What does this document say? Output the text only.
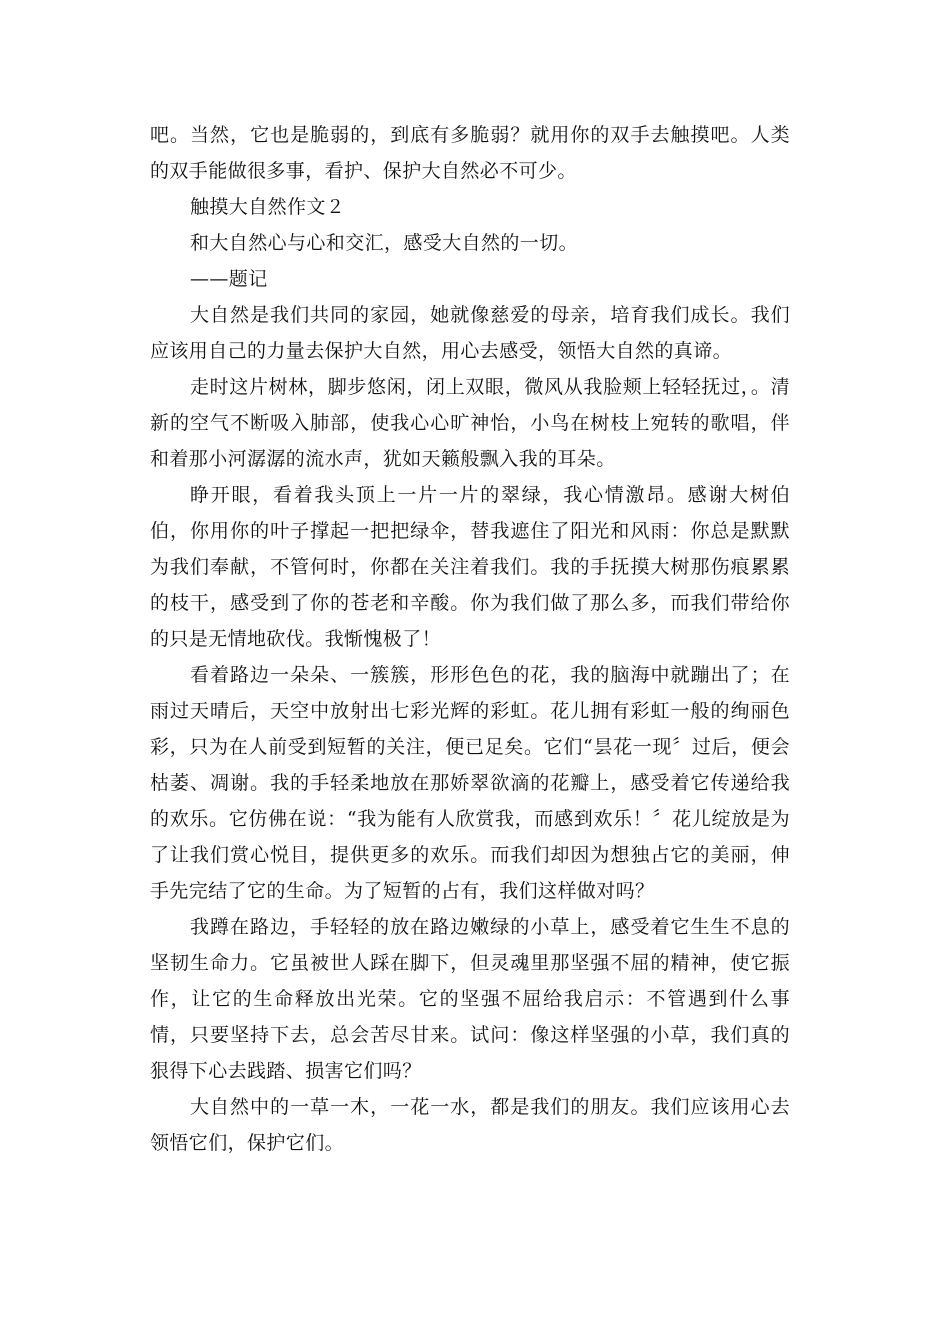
吧。当然，它也是脆弱的，到底有多脆弱？就用你的双手去触摸吧。人类的双手能做很多事，看护、保护大自然必不可少。

触摸大自然作文２

和大自然心与心和交汇，感受大自然的一切。

——题记

大自然是我们共同的家园，她就像慈爱的母亲，培育我们成长。我们应该用自己的力量去保护大自然，用心去感受，领悟大自然的真谛。

走时这片树林，脚步悠闲，闭上双眼，微风从我脸颊上轻轻抚过，。清新的空气不断吸入肺部，使我心心旷神怡，小鸟在树枝上宛转的歌唱，伴和着那小河潺潺的流水声，犹如天籁般飘入我的耳朵。

睁开眼，看着我头顶上一片一片的翠绿，我心情激昂。感谢大树伯伯，你用你的叶子撑起一把把绿伞，替我遮住了阳光和风雨：你总是默默为我们奉献，不管何时，你都在关注着我们。我的手抚摸大树那伤痕累累的枝干，感受到了你的苍老和辛酸。你为我们做了那么多，而我们带给你的只是无情地砍伐。我惭愧极了！

看着路边一朵朵、一簇簇，形形色色的花，我的脑海中就蹦出了；在雨过天晴后，天空中放射出七彩光辉的彩虹。花儿拥有彩虹一般的绚丽色彩，只为在人前受到短暂的关注，便已足矣。它们“昙花一现〞过后，便会枯萎、凋谢。我的手轻柔地放在那娇翠欲滴的花瓣上，感受着它传递给我的欢乐。它仿佛在说：“我为能有人欣赏我，而感到欢乐！〞花儿绽放是为了让我们赏心悦目，提供更多的欢乐。而我们却因为想独占它的美丽，伸手先完结了它的生命。为了短暂的占有，我们这样做对吗？

我蹲在路边，手轻轻的放在路边嫩绿的小草上，感受着它生生不息的坚韧生命力。它虽被世人踩在脚下，但灵魂里那坚强不屈的精神，使它振作，让它的生命释放出光荣。它的坚强不屈给我启示：不管遇到什么事情，只要坚持下去，总会苦尽甘来。试问：像这样坚强的小草，我们真的狠得下心去践踏、损害它们吗？

大自然中的一草一木，一花一水，都是我们的朋友。我们应该用心去领悟它们，保护它们。
